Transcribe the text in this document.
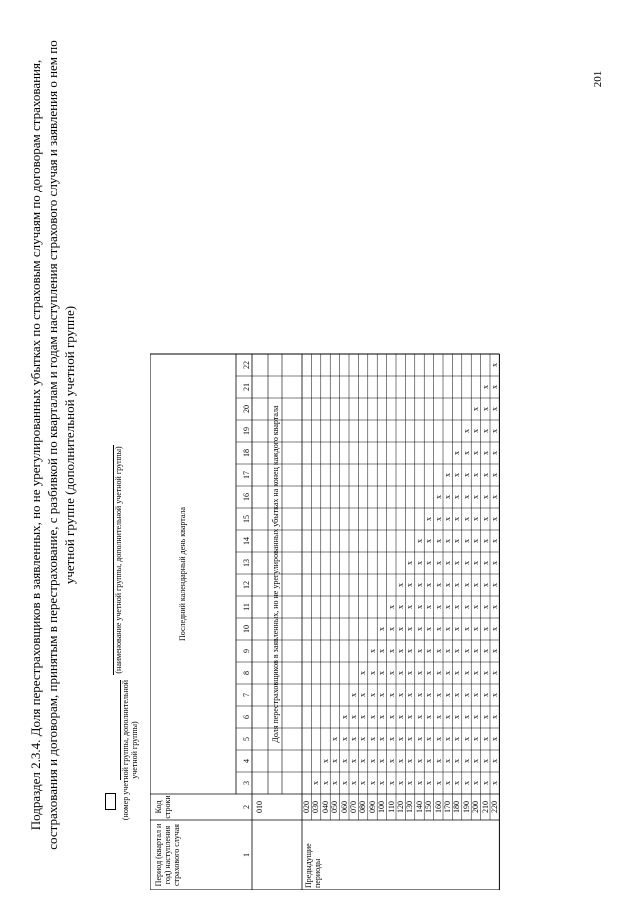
201
Подраздел 2.3.4. Доля перестраховщиков в заявленных, но не урегулированных убытках по страховым случаям по договорам страхования, сострахования и договорам, принятым в перестрахование, с разбивкой по кварталам и годам наступления страхового случая и заявления о нем по учетной группе (дополнительной учетной группе)
(номер учетной группы, дополнительной учетной группы)
(наименование учетной группы, дополнительной учетной группы)
Период (квартал и год) наступления страхового случая
Код строки
Последний календарный день квартала	Доля перестраховщиков в заявленных, но не урегулированных убытках на конец каждого квартала
1
2
3
4
5
6
7
8
9
10
11
12
13
14
15
16
17
18
19
20
21
22
010
Предыдущие периоды
020 030 040 050 060 070 080 090 100 110 120 130 140 150 160 170 180 190 200 210 220
x x
x
x
x
x
x
x
x
x
x
x
x
x
x
x
x
x
x
x
x
x
x
x
x
x
x
x
x
x
x
x
x
x
x
x
x
x
x
x
x
x
x
x
x
x
x
x
x
x
x
x
x
x
x
x
x
x
x
x
x
x
x
x
x
x
x
x
x
x
x
x
x
x
x
x
x
x
x
x
x
x
x
x
x
x
x
x
x
x
x
x
x
x
x
x
x
x
x
x
x
x
x
x
x
x
x
x
x
x
x
x
x
x
x
x
x
x
x
x
x
x
x
x
x
x
x
x
x
x
x
x
x
x
x
x
x
x
x
x
x
x
x
x
x
x
x
x
x
x
x
x
x
x
x
x
x
x
x
x
x
x
x
x
x
x
x
x
x
x
x
x
x
x
x
x
x
x
x
x
x
x
x
x
x
x
x
x
x
x
x
x
x
x
x
x
x
x
x
x
x
x
x
x
x
x
x
x
x
x
